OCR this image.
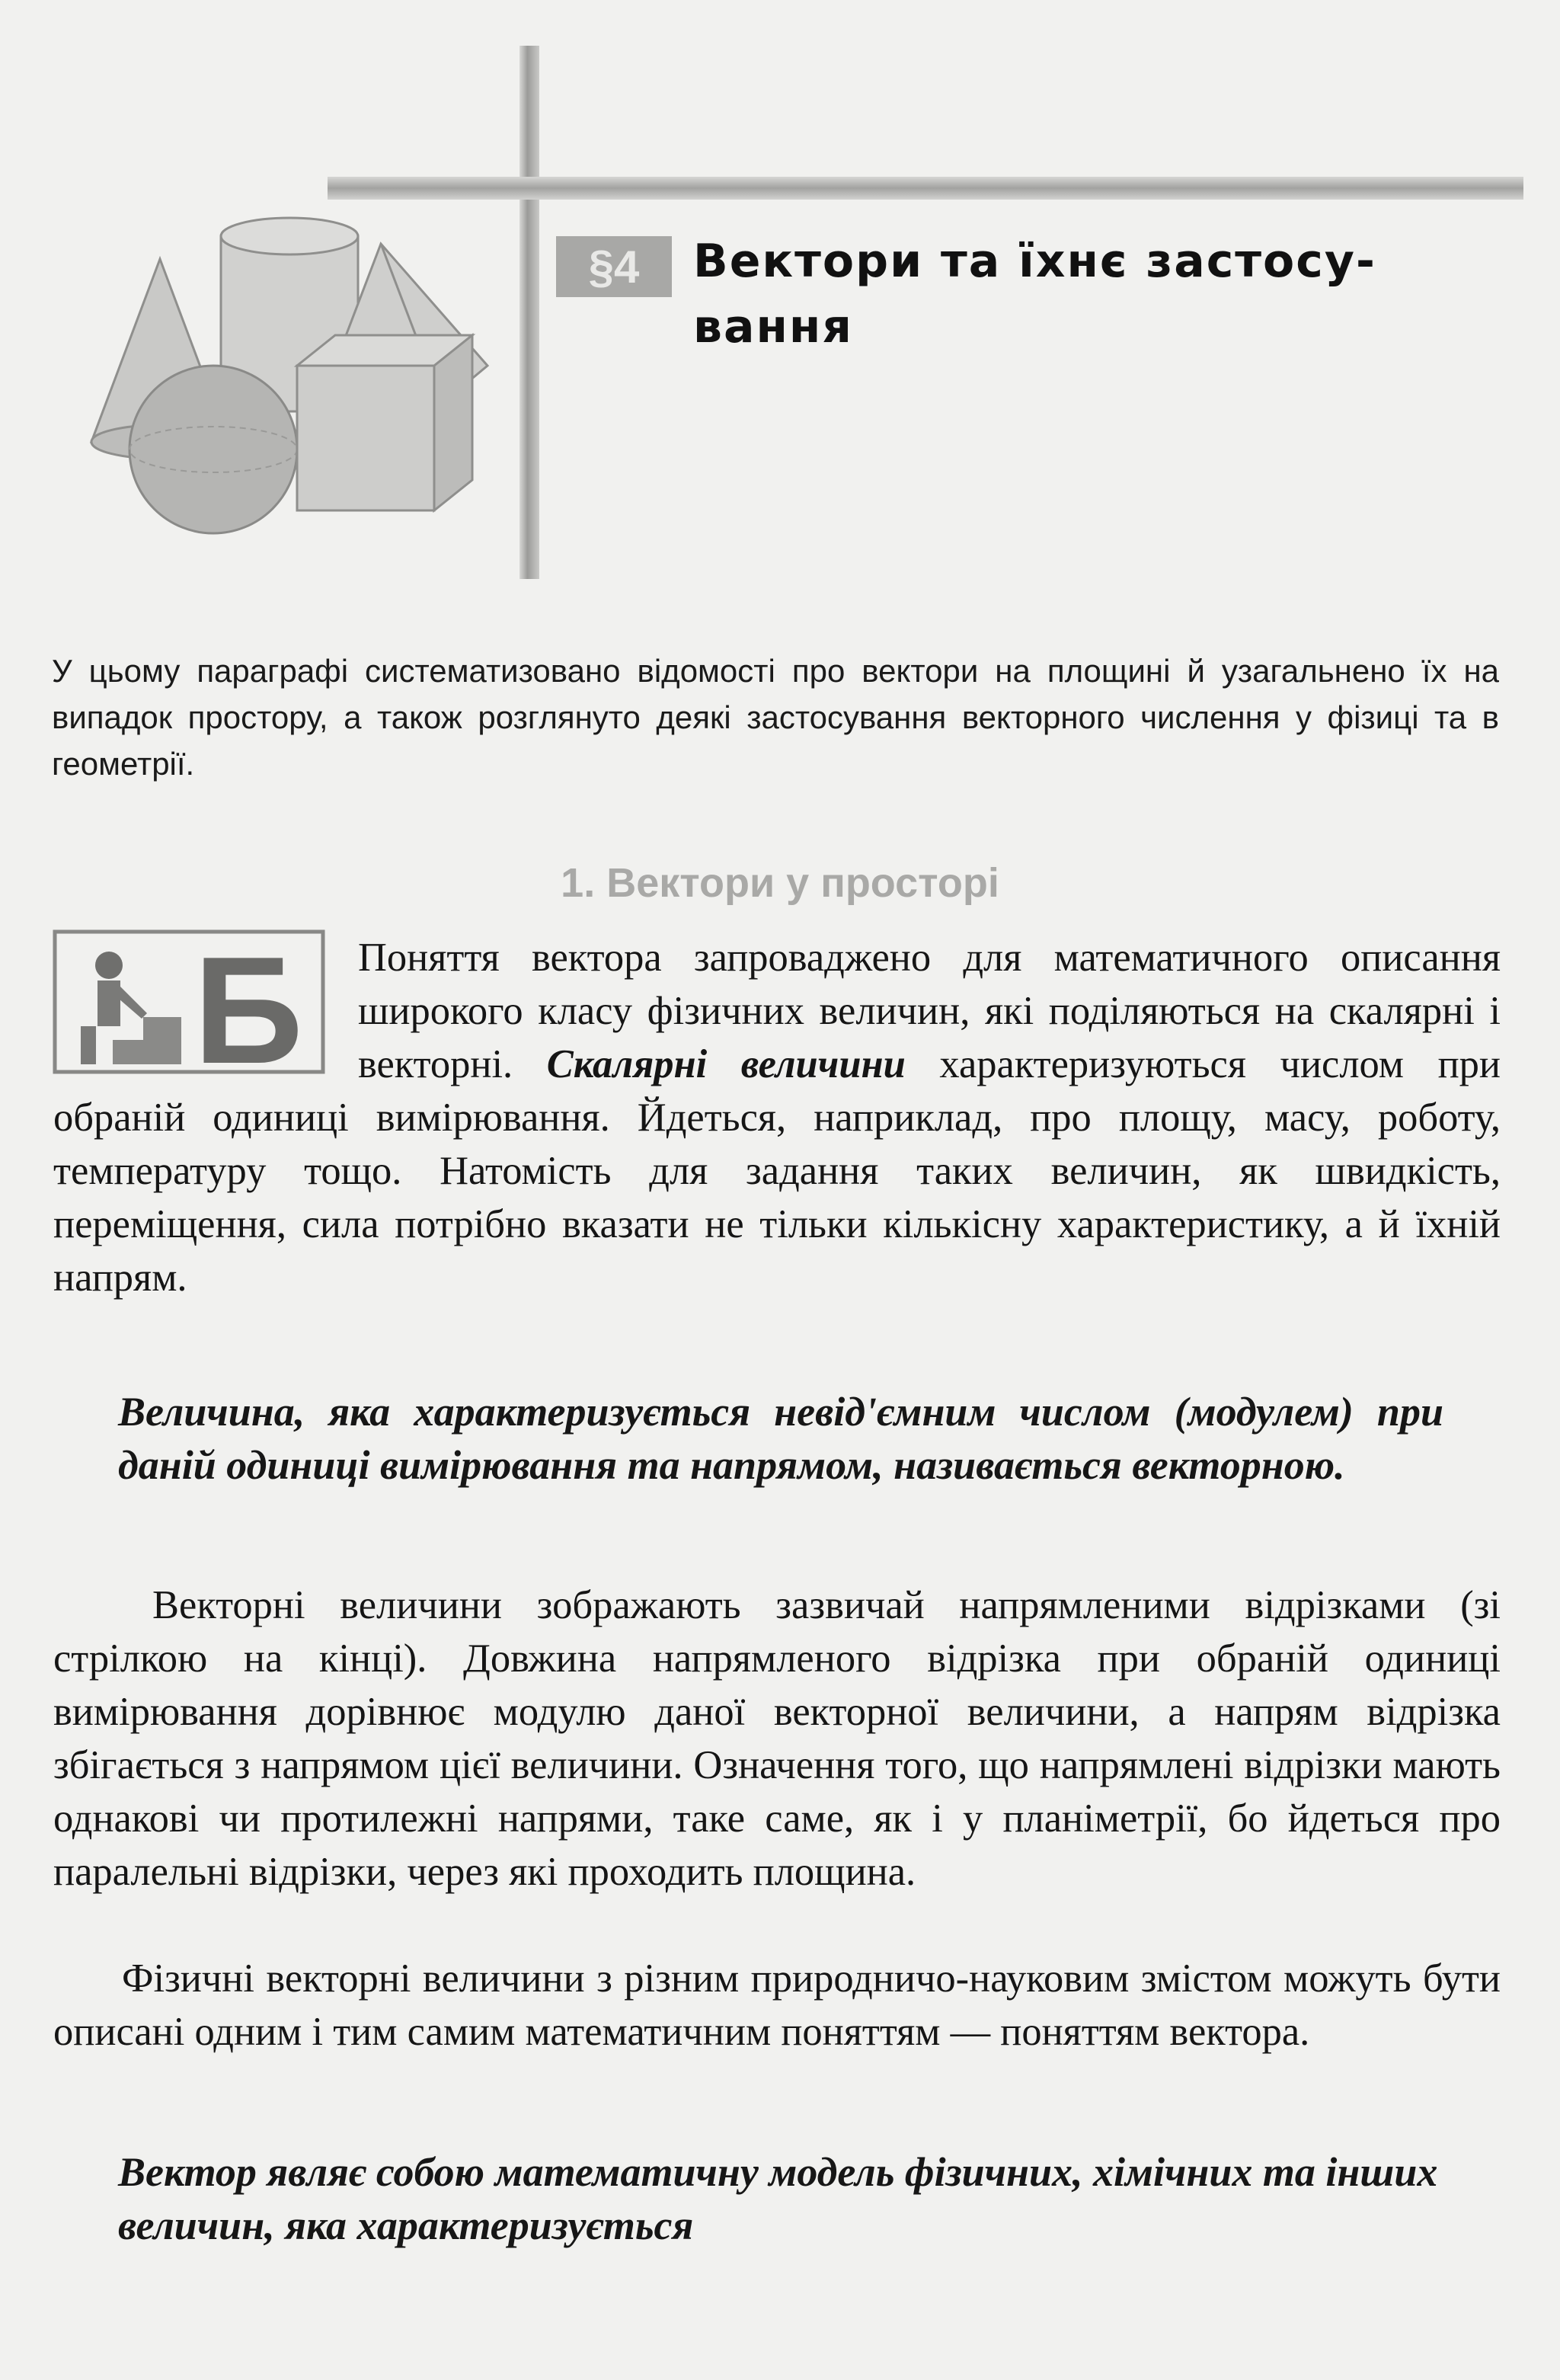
§4	Вектори та їхнє застосу-вання

У цьому параграфі систематизовано відомості про вектори на площині й узагальнено їх на випадок простору, а також розглянуто деякі застосування векторного числення у фізиці та в геометрії.

1. Вектори у просторі
Б	Поняття вектора запроваджено для математичного описання широкого класу фізичних величин, які поділяються на скалярні і векторні. Скалярні величини характеризуються числом при обраній одиниці вимірювання. Йдеться, наприклад, про площу, масу, роботу, температуру тощо. Натомість для задання таких величин, як швидкість, переміщення, сила потрібно вказати не тільки кількісну характеристику, а й їхній напрям.

Величина, яка характеризується невід'ємним числом (модулем) при даній одиниці вимірювання та напрямом, називається векторною.

Векторні величини зображають зазвичай напрямленими відрізками (зі стрілкою на кінці). Довжина напрямленого відрізка при обраній одиниці вимірювання дорівнює модулю даної векторної величини, а напрям відрізка збігається з напрямом цієї величини. Означення того, що напрямлені відрізки мають однакові чи протилежні напрями, таке саме, як і у планіметрії, бо йдеться про паралельні відрізки, через які проходить площина.

Фізичні векторні величини з різним природничо-науковим змістом можуть бути описані одним і тим самим математичним поняттям — поняттям вектора.

Вектор являє собою математичну модель фізичних, хімічних та інших величин, яка характеризується
